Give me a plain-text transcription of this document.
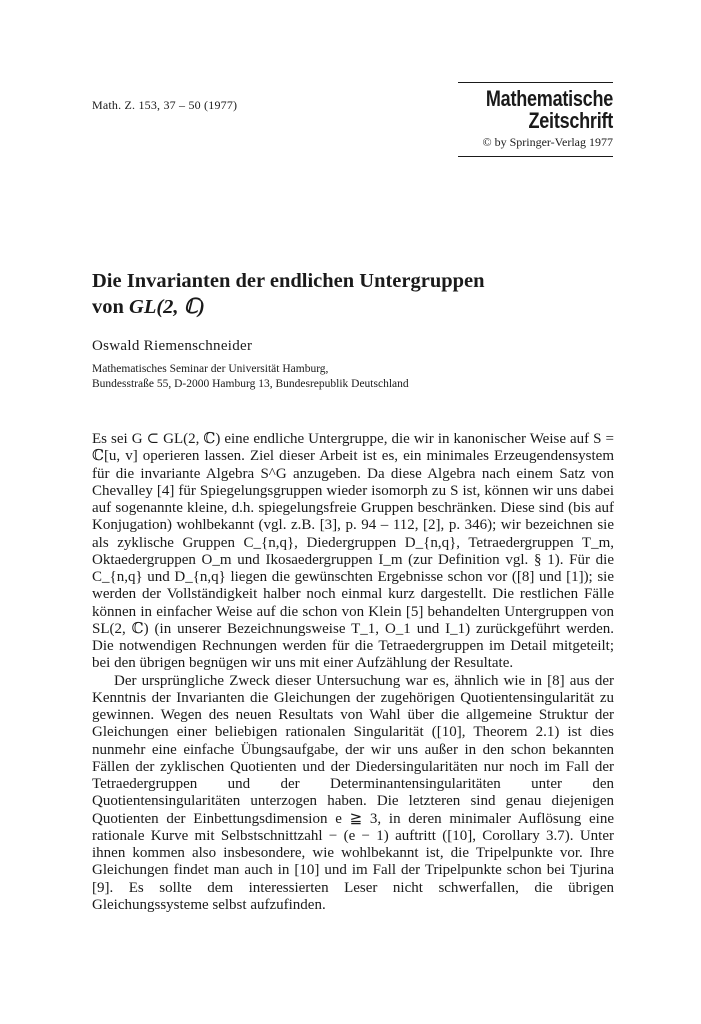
Math. Z. 153, 37 – 50 (1977)	Mathematische
Zeitschrift
© by Springer-Verlag 1977
Die Invarianten der endlichen Untergruppen
von GL(2, ℂ)
Oswald Riemenschneider
Mathematisches Seminar der Universität Hamburg,
Bundesstraße 55, D-2000 Hamburg 13, Bundesrepublik Deutschland

Es sei G ⊂ GL(2, ℂ) eine endliche Untergruppe, die wir in kanonischer Weise auf S = ℂ[u, v] operieren lassen. Ziel dieser Arbeit ist es, ein minimales Erzeugendensystem für die invariante Algebra S^G anzugeben. Da diese Algebra nach einem Satz von Chevalley [4] für Spiegelungsgruppen wieder isomorph zu S ist, können wir uns dabei auf sogenannte kleine, d.h. spiegelungsfreie Gruppen beschränken. Diese sind (bis auf Konjugation) wohlbekannt (vgl. z.B. [3], p. 94 – 112, [2], p. 346); wir bezeichnen sie als zyklische Gruppen C_{n,q}, Diedergruppen D_{n,q}, Tetraedergruppen T_m, Oktaedergruppen O_m und Ikosaedergruppen I_m (zur Definition vgl. § 1). Für die C_{n,q} und D_{n,q} liegen die gewünschten Ergebnisse schon vor ([8] und [1]); sie werden der Vollständigkeit halber noch einmal kurz dargestellt. Die restlichen Fälle können in einfacher Weise auf die schon von Klein [5] behandelten Untergruppen von SL(2, ℂ) (in unserer Bezeichnungsweise T_1, O_1 und I_1) zurückgeführt werden. Die notwendigen Rechnungen werden für die Tetraedergruppen im Detail mitgeteilt; bei den übrigen begnügen wir uns mit einer Aufzählung der Resultate.

Der ursprüngliche Zweck dieser Untersuchung war es, ähnlich wie in [8] aus der Kenntnis der Invarianten die Gleichungen der zugehörigen Quotientensingularität zu gewinnen. Wegen des neuen Resultats von Wahl über die allgemeine Struktur der Gleichungen einer beliebigen rationalen Singularität ([10], Theorem 2.1) ist dies nunmehr eine einfache Übungsaufgabe, der wir uns außer in den schon bekannten Fällen der zyklischen Quotienten und der Diedersingularitäten nur noch im Fall der Tetraedergruppen und der Determinantensingularitäten unter den Quotientensingularitäten unterzogen haben. Die letzteren sind genau diejenigen Quotienten der Einbettungsdimension e ≧ 3, in deren minimaler Auflösung eine rationale Kurve mit Selbstschnittzahl − (e − 1) auftritt ([10], Corollary 3.7). Unter ihnen kommen also insbesondere, wie wohlbekannt ist, die Tripelpunkte vor. Ihre Gleichungen findet man auch in [10] und im Fall der Tripelpunkte schon bei Tjurina [9]. Es sollte dem interessierten Leser nicht schwerfallen, die übrigen Gleichungssysteme selbst aufzufinden.
